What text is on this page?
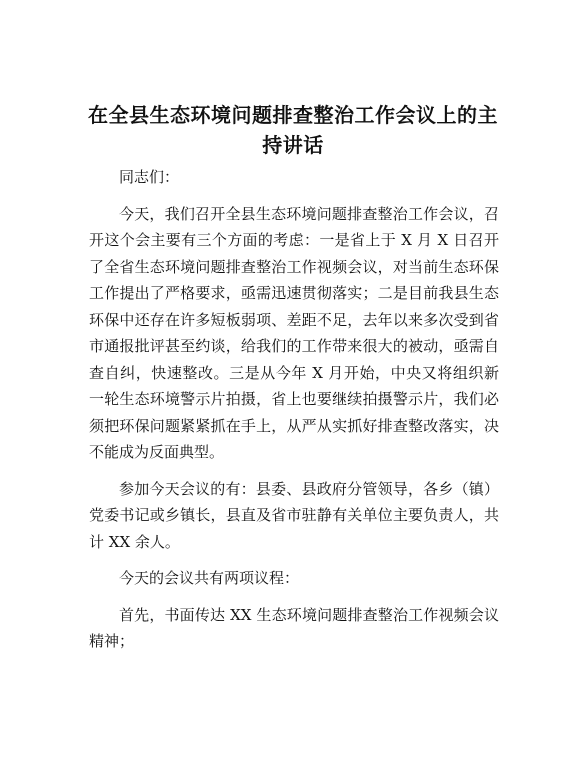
在全县生态环境问题排查整治工作会议上的主
持讲话

同志们：

今天，我们召开全县生态环境问题排查整治工作会议，召开这个会主要有三个方面的考虑：一是省上于 X 月 X 日召开了全省生态环境问题排查整治工作视频会议，对当前生态环保工作提出了严格要求，亟需迅速贯彻落实；二是目前我县生态环保中还存在许多短板弱项、差距不足，去年以来多次受到省市通报批评甚至约谈，给我们的工作带来很大的被动，亟需自查自纠，快速整改。三是从今年 X 月开始，中央又将组织新一轮生态环境警示片拍摄，省上也要继续拍摄警示片，我们必须把环保问题紧紧抓在手上，从严从实抓好排查整改落实，决不能成为反面典型。

参加今天会议的有：县委、县政府分管领导，各乡（镇）党委书记或乡镇长，县直及省市驻静有关单位主要负责人，共计 XX 余人。

今天的会议共有两项议程：

首先，书面传达 XX 生态环境问题排查整治工作视频会议精神；
